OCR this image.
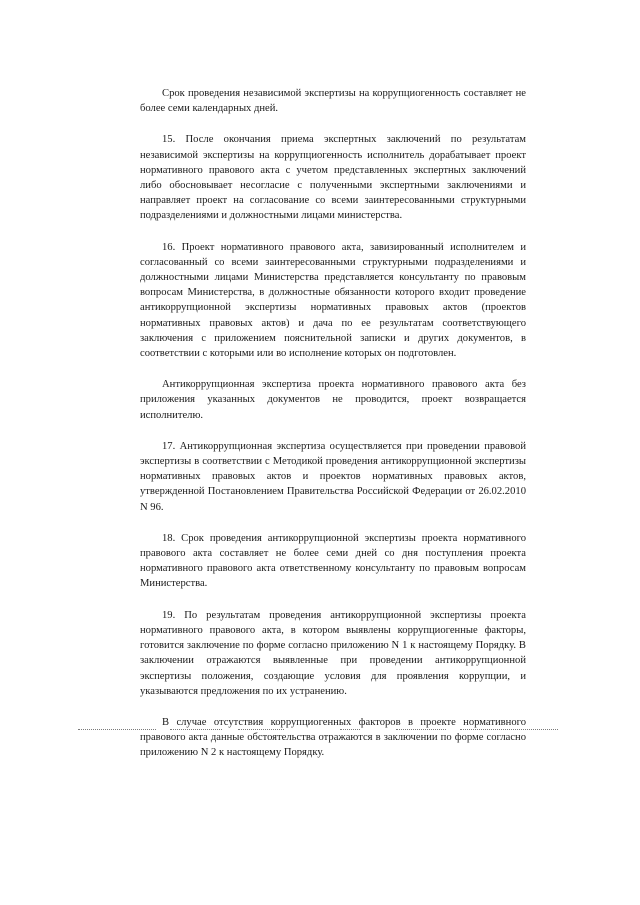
Срок проведения независимой экспертизы на коррупциогенность составляет не более семи календарных дней.

15. После окончания приема экспертных заключений по результатам независимой экспертизы на коррупциогенность исполнитель дорабатывает проект нормативного правового акта с учетом представленных экспертных заключений либо обосновывает несогласие с полученными экспертными заключениями и направляет проект на согласование со всеми заинтересованными структурными подразделениями и должностными лицами министерства.

16. Проект нормативного правового акта, завизированный исполнителем и согласованный со всеми заинтересованными структурными подразделениями и должностными лицами Министерства представляется консультанту по правовым вопросам Министерства, в должностные обязанности которого входит проведение антикоррупционной экспертизы нормативных правовых актов (проектов нормативных правовых актов) и дача по ее результатам соответствующего заключения с приложением пояснительной записки и других документов, в соответствии с которыми или во исполнение которых он подготовлен.

Антикоррупционная экспертиза проекта нормативного правового акта без приложения указанных документов не проводится, проект возвращается исполнителю.

17. Антикоррупционная экспертиза осуществляется при проведении правовой экспертизы в соответствии с Методикой проведения антикоррупционной экспертизы нормативных правовых актов и проектов нормативных правовых актов, утвержденной Постановлением Правительства Российской Федерации от 26.02.2010 N 96.

18. Срок проведения антикоррупционной экспертизы проекта нормативного правового акта составляет не более семи дней со дня поступления проекта нормативного правового акта ответственному консультанту по правовым вопросам Министерства.

19. По результатам проведения антикоррупционной экспертизы проекта нормативного правового акта, в котором выявлены коррупциогенные факторы, готовится заключение по форме согласно приложению N 1 к настоящему Порядку. В заключении отражаются выявленные при проведении антикоррупционной экспертизы положения, создающие условия для проявления коррупции, и указываются предложения по их устранению.

В случае отсутствия коррупциогенных факторов в проекте нормативного правового акта данные обстоятельства отражаются в заключении по форме согласно приложению N 2 к настоящему Порядку.
